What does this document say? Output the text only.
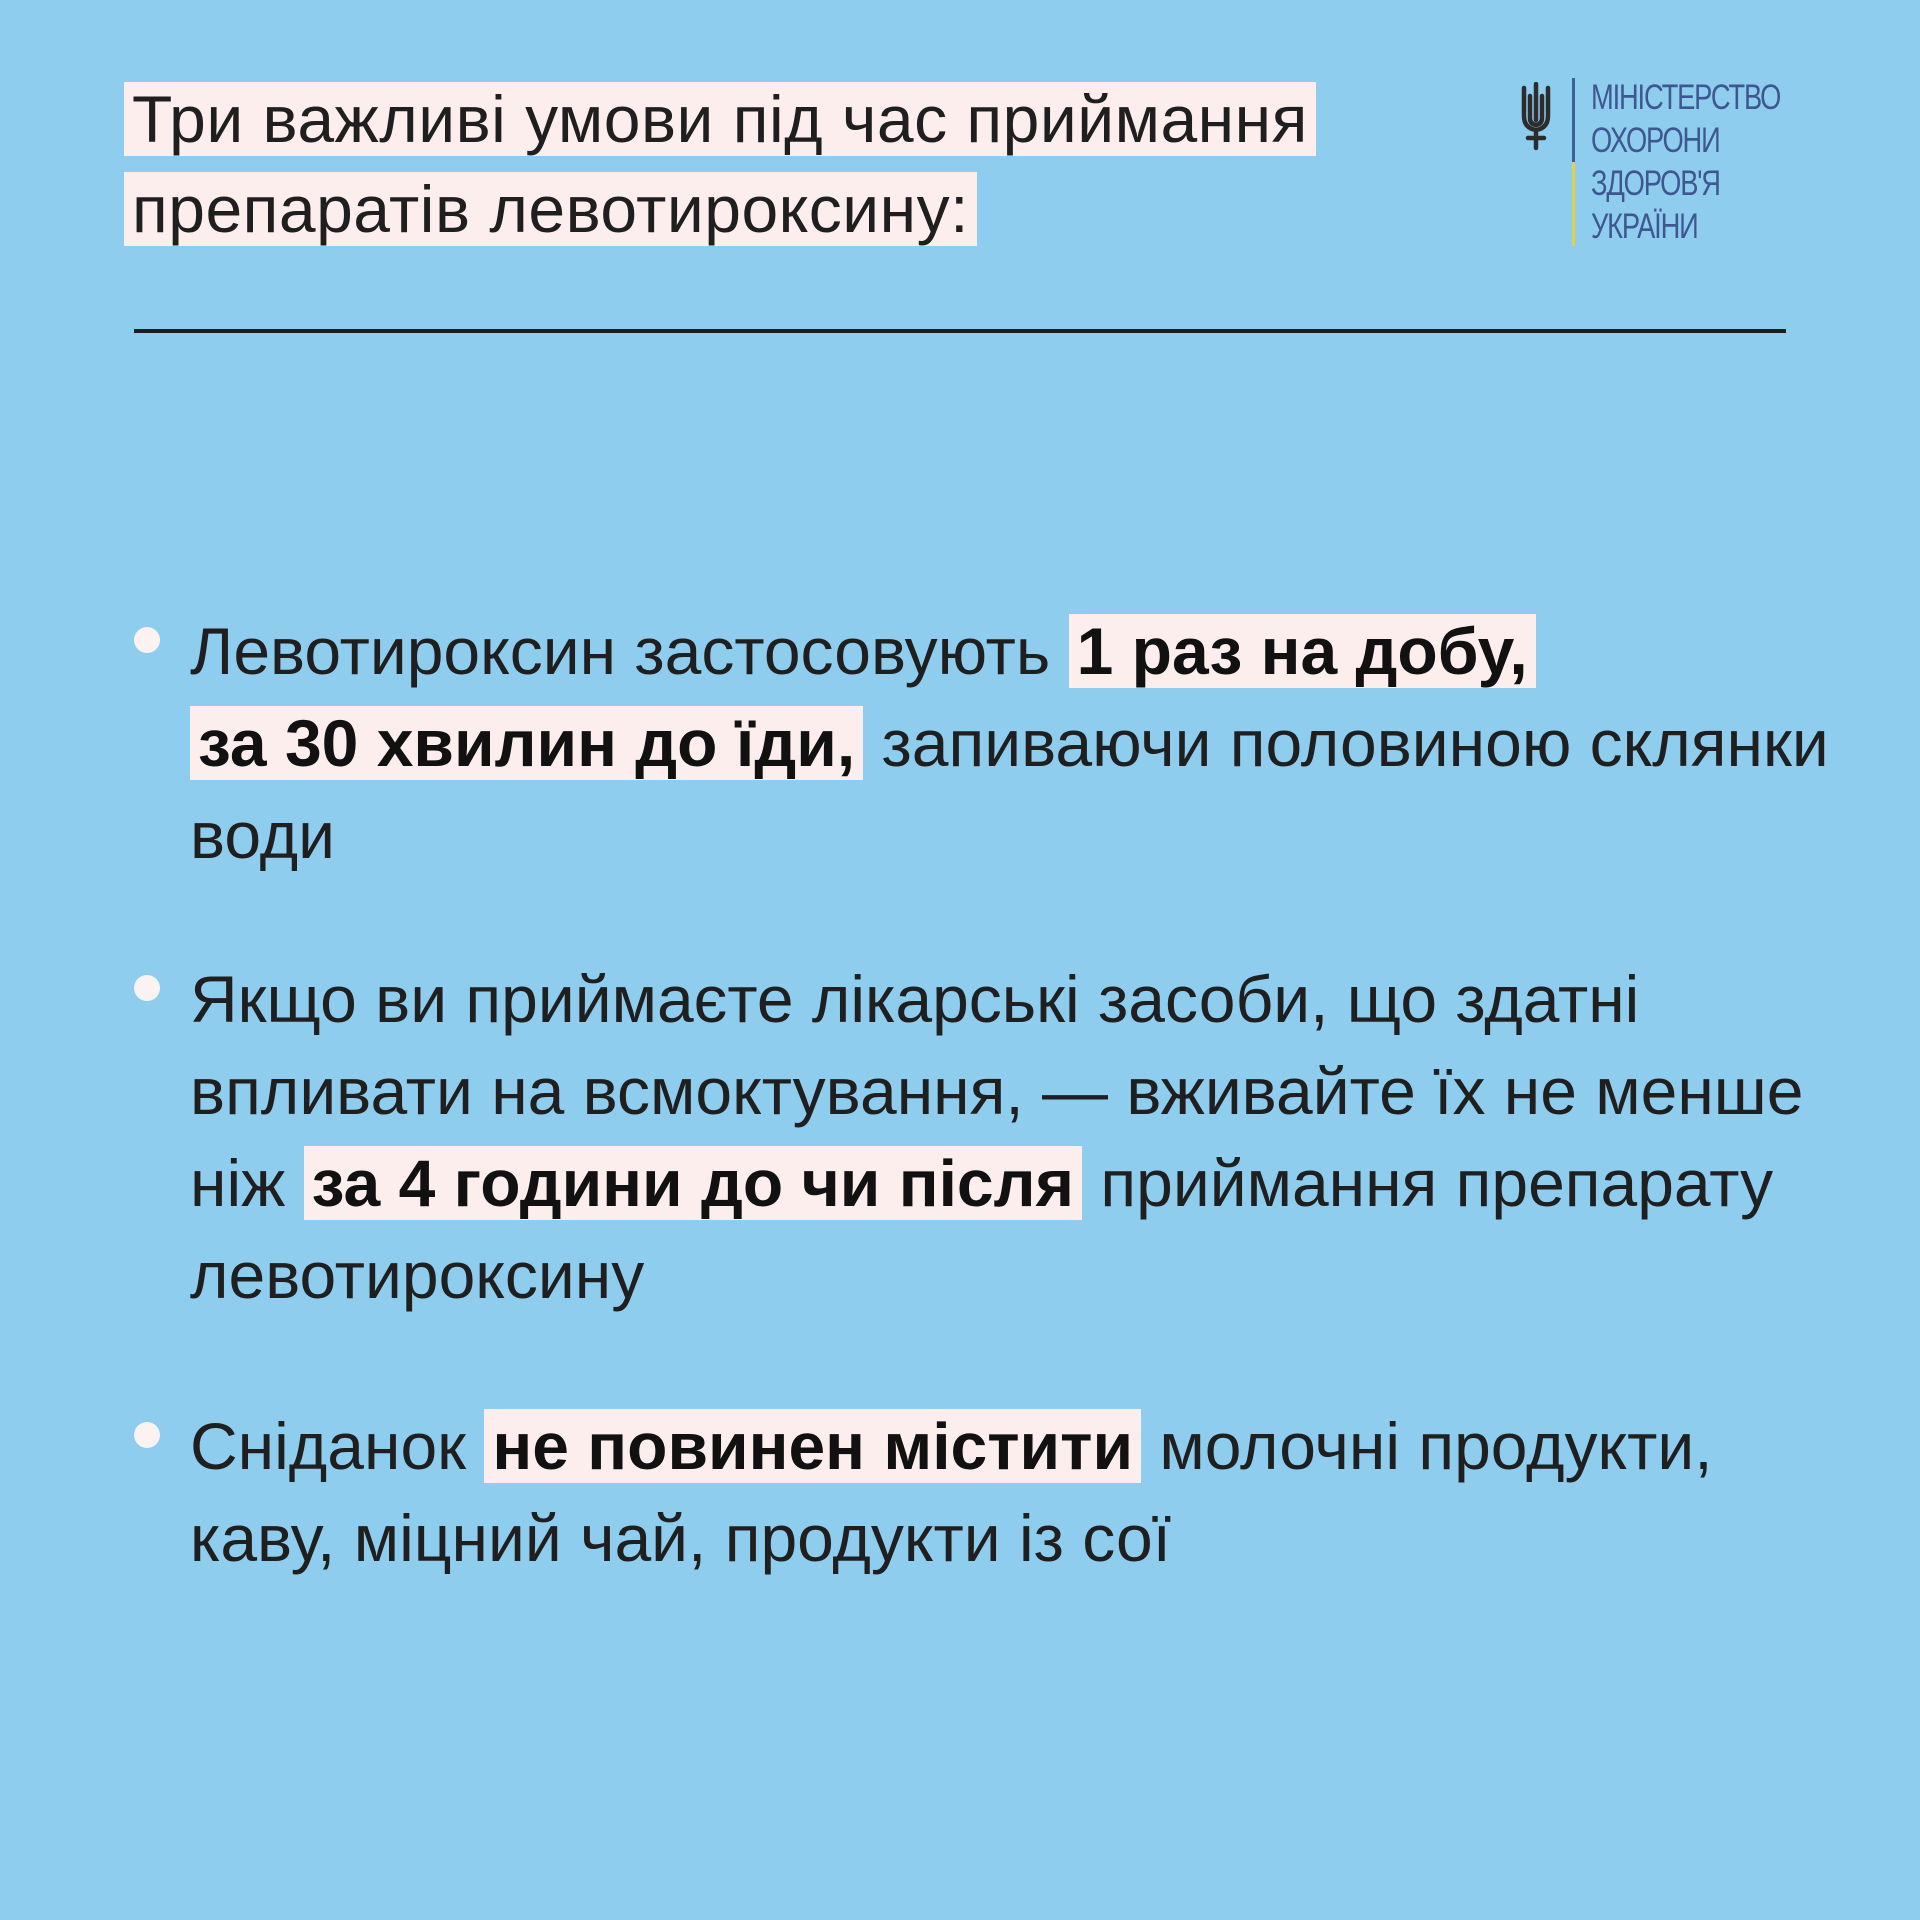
Три важливі умови під час приймання
препаратів левотироксину:
МІНІСТЕРСТВО
ОХОРОНИ
ЗДОРОВ'Я
УКРАЇНИ
Левотироксин застосовують 1 раз на добу,
за 30 хвилин до їди, запиваючи половиною склянки води
Якщо ви приймаєте лікарські засоби, що здатні впливати на всмоктування, — вживайте їх не менше ніж за 4 години до чи після приймання препарату левотироксину
Сніданок не повинен містити молочні продукти, каву, міцний чай, продукти із сої
